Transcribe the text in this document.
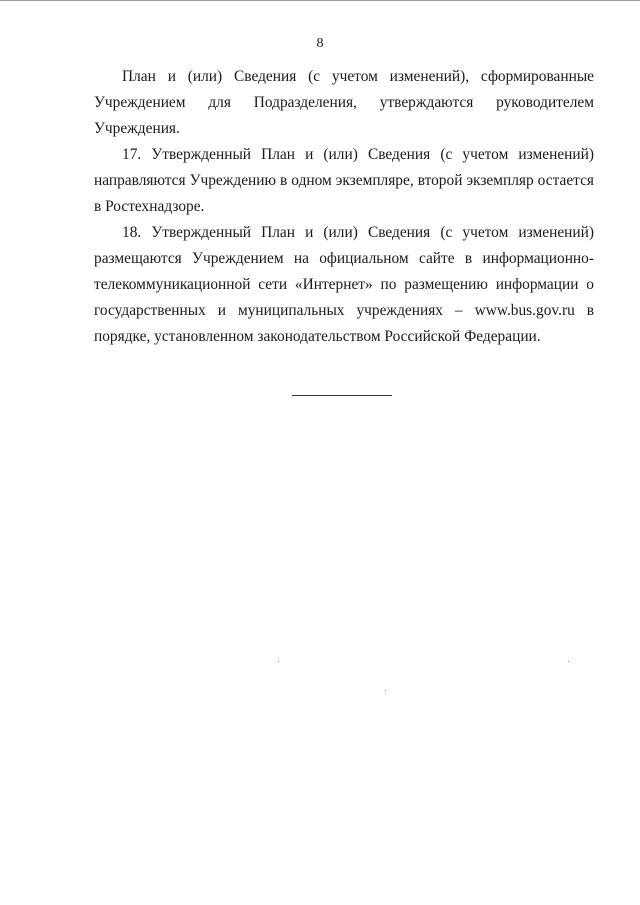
8

План и (или) Сведения (с учетом изменений), сформированные Учреждением для Подразделения, утверждаются руководителем Учреждения.

17. Утвержденный План и (или) Сведения (с учетом изменений) направляются Учреждению в одном экземпляре, второй экземпляр остается в Ростехнадзоре.

18. Утвержденный План и (или) Сведения (с учетом изменений) размещаются Учреждением на официальном сайте в информационно-телекоммуникационной сети «Интернет» по размещению информации о государственных и муниципальных учреждениях – www.bus.gov.ru в порядке, установленном законодательством Российской Федерации.
